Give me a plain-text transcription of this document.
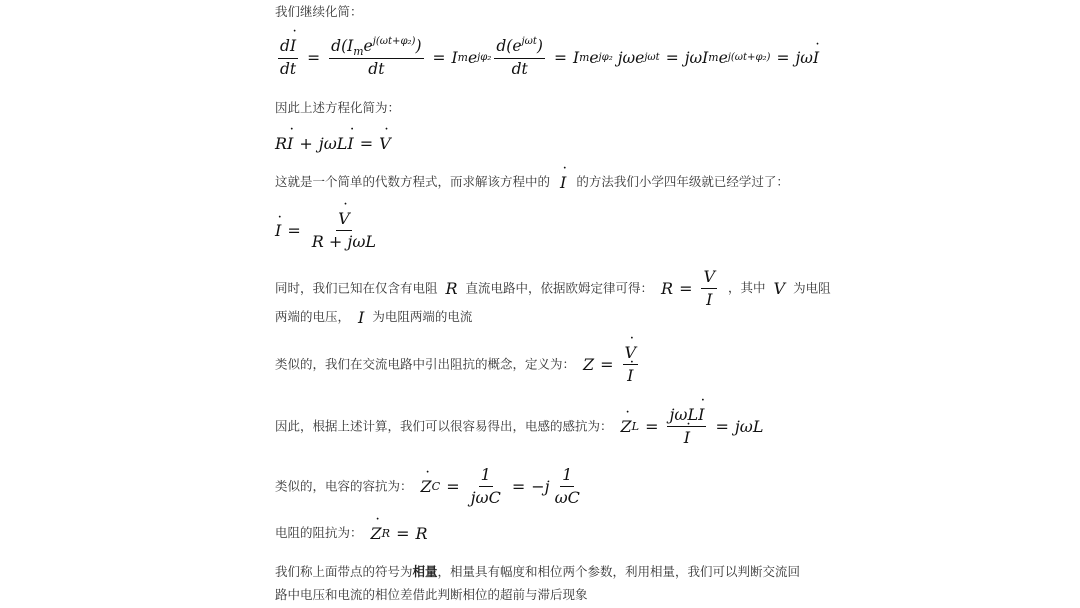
我们继续化简：
$\frac{d˙ I}{dt} = \frac{d(I_me^{j(\omega t+\varphi_2)})}{dt} = I$ m e $j\varphi_2 \frac{d(e^{j\omega t})}{dt} = I$ m e jφ₂
jωe jωt = jωI m e j(ωt+φ₂) = jω˙ I
因此上述方程化简为：
R˙ I + jωL˙ I = ˙ V
这就是一个简单的代数方程式，而求解该方程中的 ˙ I 的方法我们小学四年级就已经学过了：
˙ I = ˙ $\frac{V}{\text{R + jωL}}$
同时，我们已知在仅含有电阻 R 直流电路中，依据欧姆定律可得： $R = \frac{V}{I}$ ，其中 V 为电阻
两端的电压， I 为电阻两端的电流
类似的，我们在交流电路中引出阻抗的概念，定义为： Z = ˙ V
˙ I
因此，根据上述计算，我们可以很容易得出，电感的感抗为： ˙ Z L = jωL˙ I
˙ I = jωL
类似的，电容的容抗为： ˙ Z $C = \frac{1}{\text{jωC}} = -j \frac{1}{\omega C}$
电阻的阻抗为： ˙ Z R = R
我们称上面带点的符号为相量，相量具有幅度和相位两个参数，利用相量，我们可以判断交流回路中电压和电流的相位差借此判断相位的超前与滞后现象
